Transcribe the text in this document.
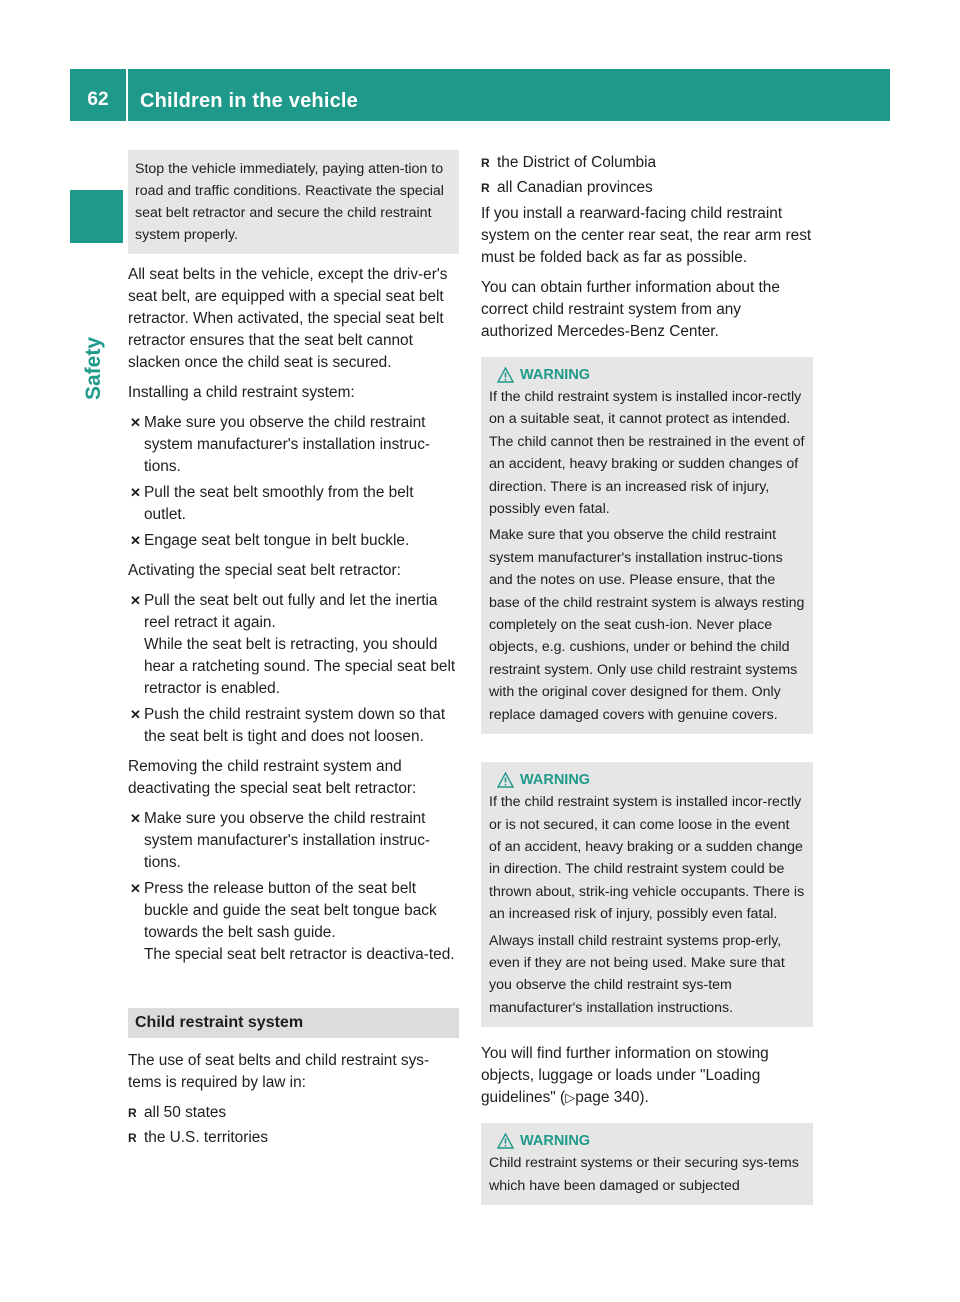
62	Children in the vehicle
Safety
Stop the vehicle immediately, paying atten-tion to road and traffic conditions. Reactivate the special seat belt retractor and secure the child restraint system properly.

All seat belts in the vehicle, except the driv-er's seat belt, are equipped with a special seat belt retractor. When activated, the special seat belt retractor ensures that the seat belt cannot slacken once the child seat is secured.

Installing a child restraint system:

✕ Make sure you observe the child restraint system manufacturer's installation instruc-tions.
✕ Pull the seat belt smoothly from the belt outlet.
✕ Engage seat belt tongue in belt buckle.

Activating the special seat belt retractor:

✕ Pull the seat belt out fully and let the inertia reel retract it again.
While the seat belt is retracting, you should hear a ratcheting sound. The special seat belt retractor is enabled.
✕ Push the child restraint system down so that the seat belt is tight and does not loosen.

Removing the child restraint system and deactivating the special seat belt retractor:

✕ Make sure you observe the child restraint system manufacturer's installation instruc-tions.
✕ Press the release button of the seat belt buckle and guide the seat belt tongue back towards the belt sash guide.
The special seat belt retractor is deactiva-ted.
Child restraint system

The use of seat belts and child restraint sys-tems is required by law in:

R all 50 states
R the U.S. territories
R the District of Columbia
R all Canadian provinces

If you install a rearward-facing child restraint system on the center rear seat, the rear arm rest must be folded back as far as possible.

You can obtain further information about the correct child restraint system from any authorized Mercedes-Benz Center.

WARNING

If the child restraint system is installed incor-rectly on a suitable seat, it cannot protect as intended. The child cannot then be restrained in the event of an accident, heavy braking or sudden changes of direction. There is an increased risk of injury, possibly even fatal.

Make sure that you observe the child restraint system manufacturer's installation instruc-tions and the notes on use. Please ensure, that the base of the child restraint system is always resting completely on the seat cush-ion. Never place objects, e.g. cushions, under or behind the child restraint system. Only use child restraint systems with the original cover designed for them. Only replace damaged covers with genuine covers.

WARNING

If the child restraint system is installed incor-rectly or is not secured, it can come loose in the event of an accident, heavy braking or a sudden change in direction. The child restraint system could be thrown about, strik-ing vehicle occupants. There is an increased risk of injury, possibly even fatal.

Always install child restraint systems prop-erly, even if they are not being used. Make sure that you observe the child restraint sys-tem manufacturer's installation instructions.

You will find further information on stowing objects, luggage or loads under "Loading guidelines" (▷page 340).

WARNING

Child restraint systems or their securing sys-tems which have been damaged or subjected
